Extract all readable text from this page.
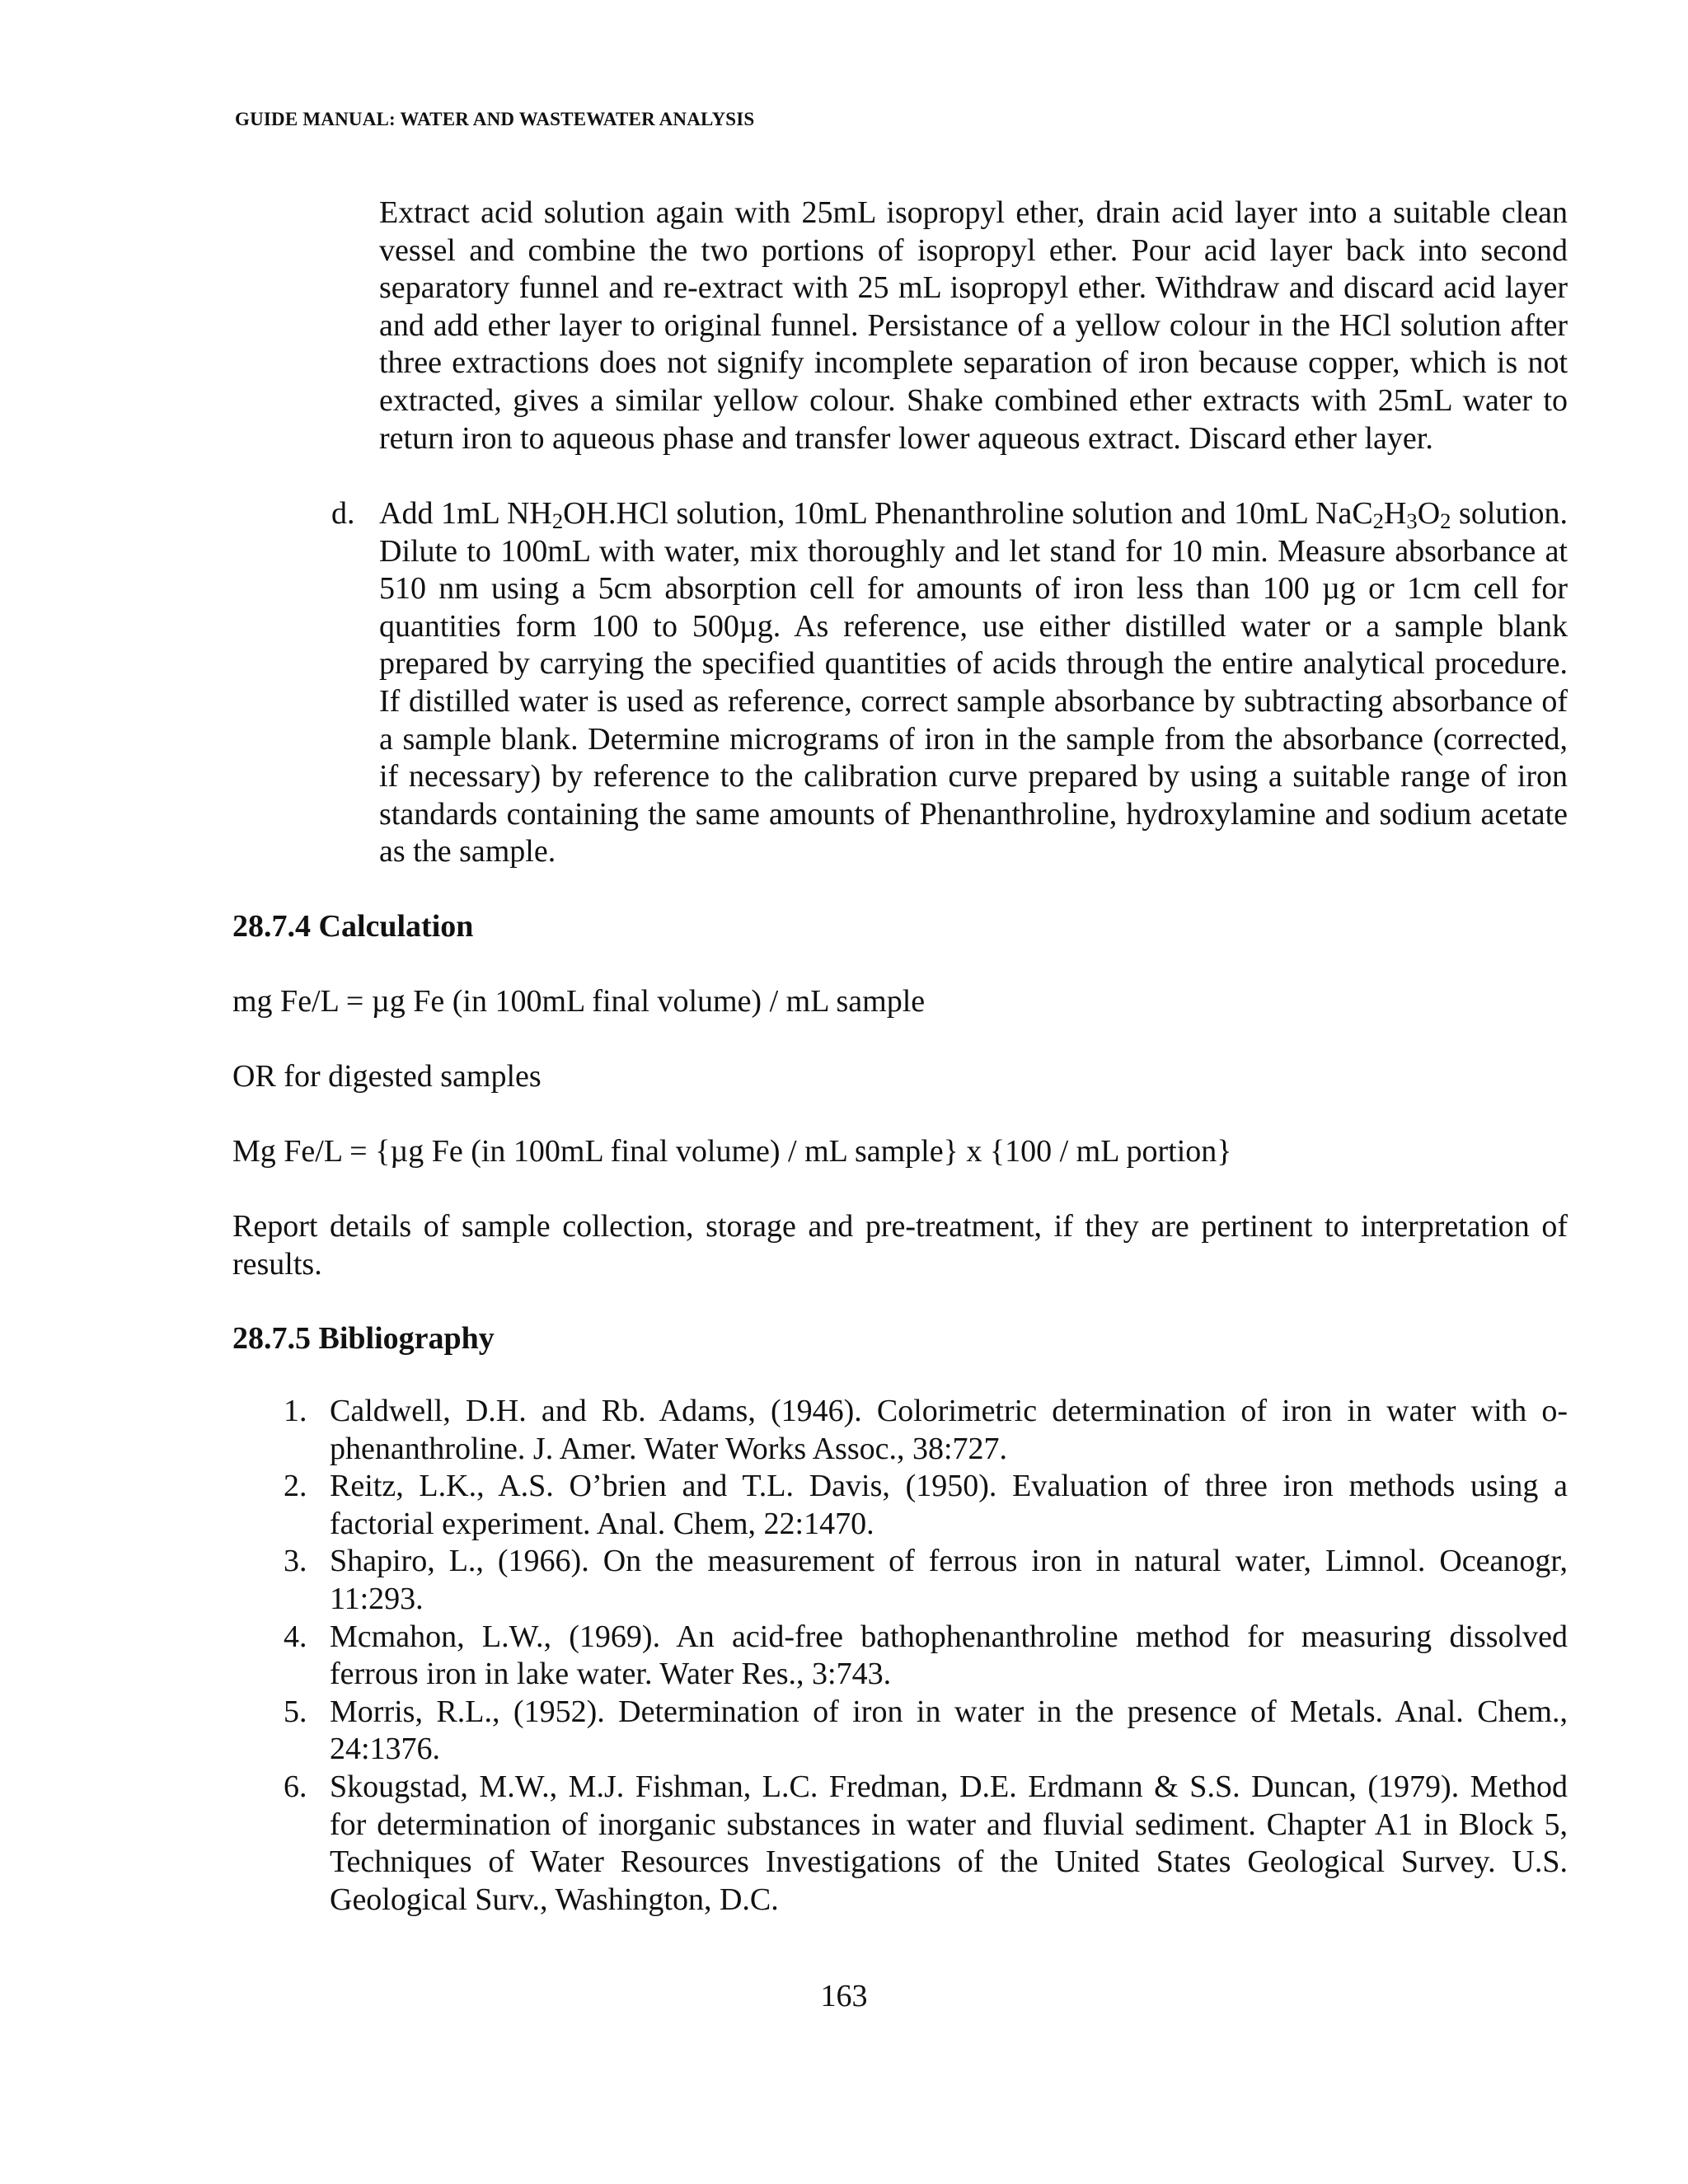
GUIDE MANUAL: WATER AND WASTEWATER ANALYSIS
Extract acid solution again with 25mL isopropyl ether, drain acid layer into a suitable clean vessel and combine the two portions of isopropyl ether. Pour acid layer back into second separatory funnel and re-extract with 25 mL isopropyl ether. Withdraw and discard acid layer and add ether layer to original funnel. Persistance of a yellow colour in the HCl solution after three extractions does not signify incomplete separation of iron because copper, which is not extracted, gives a similar yellow colour. Shake combined ether extracts with 25mL water to return iron to aqueous phase and transfer lower aqueous extract. Discard ether layer.
d. Add 1mL $NH_2OH.HCl$ solution, 10mL Phenanthroline solution and 10mL $NaC_2H_3O_2$ solution. Dilute to 100mL with water, mix thoroughly and let stand for 10 min. Measure absorbance at 510 nm using a 5cm absorption cell for amounts of iron less than 100 µg or 1cm cell for quantities form 100 to 500µg. As reference, use either distilled water or a sample blank prepared by carrying the specified quantities of acids through the entire analytical procedure. If distilled water is used as reference, correct sample absorbance by subtracting absorbance of a sample blank. Determine micrograms of iron in the sample from the absorbance (corrected, if necessary) by reference to the calibration curve prepared by using a suitable range of iron standards containing the same amounts of Phenanthroline, hydroxylamine and sodium acetate as the sample.
28.7.4 Calculation
mg Fe/L = µg Fe (in 100mL final volume) / mL sample
OR for digested samples
Mg Fe/L = {µg Fe (in 100mL final volume) / mL sample} x {100 / mL portion}
Report details of sample collection, storage and pre-treatment, if they are pertinent to interpretation of results.
28.7.5 Bibliography
1. Caldwell, D.H. and Rb. Adams, (1946). Colorimetric determination of iron in water with o-phenanthroline. J. Amer. Water Works Assoc., 38:727.
2. Reitz, L.K., A.S. O’brien and T.L. Davis, (1950). Evaluation of three iron methods using a factorial experiment. Anal. Chem, 22:1470.
3. Shapiro, L., (1966). On the measurement of ferrous iron in natural water, Limnol. Oceanogr, 11:293.
4. Mcmahon, L.W., (1969). An acid-free bathophenanthroline method for measuring dissolved ferrous iron in lake water. Water Res., 3:743.
5. Morris, R.L., (1952). Determination of iron in water in the presence of Metals. Anal. Chem., 24:1376.
6. Skougstad, M.W., M.J. Fishman, L.C. Fredman, D.E. Erdmann & S.S. Duncan, (1979). Method for determination of inorganic substances in water and fluvial sediment. Chapter A1 in Block 5, Techniques of Water Resources Investigations of the United States Geological Survey. U.S. Geological Surv., Washington, D.C.
163
